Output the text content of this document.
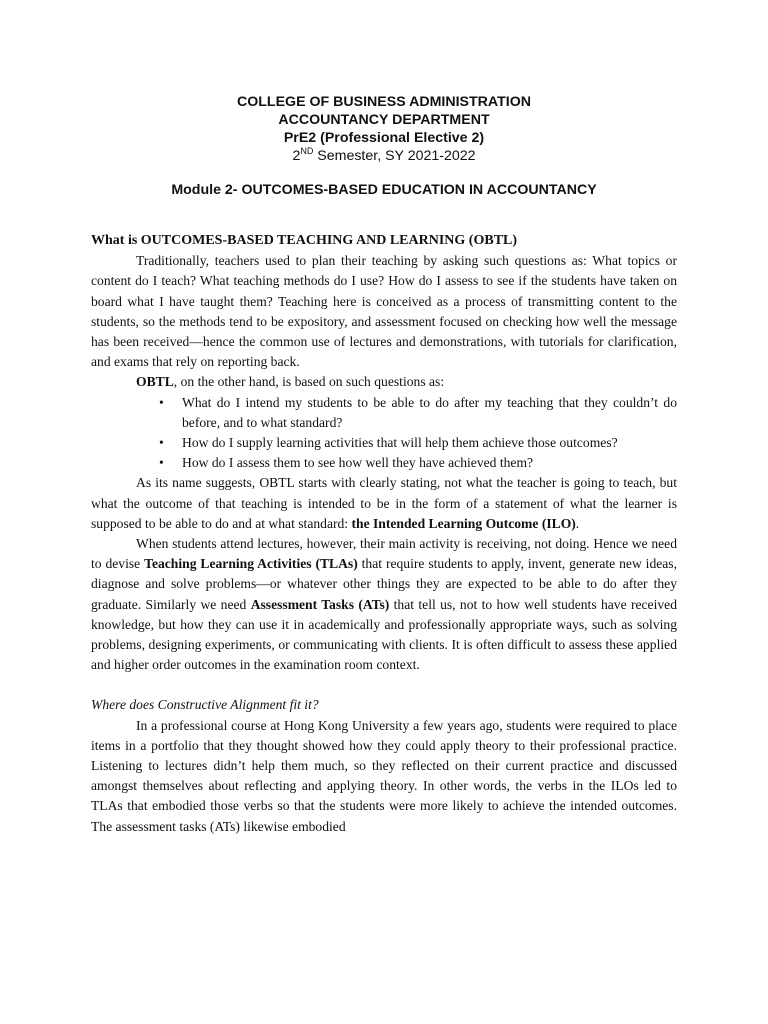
COLLEGE OF BUSINESS ADMINISTRATION
ACCOUNTANCY DEPARTMENT
PrE2 (Professional Elective 2)
2ND Semester, SY 2021-2022
Module 2- OUTCOMES-BASED EDUCATION IN ACCOUNTANCY
What is OUTCOMES-BASED TEACHING AND LEARNING (OBTL)

Traditionally, teachers used to plan their teaching by asking such questions as: What topics or content do I teach? What teaching methods do I use? How do I assess to see if the students have taken on board what I have taught them? Teaching here is conceived as a process of transmitting content to the students, so the methods tend to be expository, and assessment focused on checking how well the message has been received—hence the common use of lectures and demonstrations, with tutorials for clarification, and exams that rely on reporting back.

OBTL, on the other hand, is based on such questions as:

• What do I intend my students to be able to do after my teaching that they couldn’t do before, and to what standard?
• How do I supply learning activities that will help them achieve those outcomes?
• How do I assess them to see how well they have achieved them?

As its name suggests, OBTL starts with clearly stating, not what the teacher is going to teach, but what the outcome of that teaching is intended to be in the form of a statement of what the learner is supposed to be able to do and at what standard: the Intended Learning Outcome (ILO).

When students attend lectures, however, their main activity is receiving, not doing. Hence we need to devise Teaching Learning Activities (TLAs) that require students to apply, invent, generate new ideas, diagnose and solve problems—or whatever other things they are expected to be able to do after they graduate. Similarly we need Assessment Tasks (ATs) that tell us, not to how well students have received knowledge, but how they can use it in academically and professionally appropriate ways, such as solving problems, designing experiments, or communicating with clients. It is often difficult to assess these applied and higher order outcomes in the examination room context.

Where does Constructive Alignment fit it?

In a professional course at Hong Kong University a few years ago, students were required to place items in a portfolio that they thought showed how they could apply theory to their professional practice. Listening to lectures didn’t help them much, so they reflected on their current practice and discussed amongst themselves about reflecting and applying theory. In other words, the verbs in the ILOs led to TLAs that embodied those verbs so that the students were more likely to achieve the intended outcomes. The assessment tasks (ATs) likewise embodied
